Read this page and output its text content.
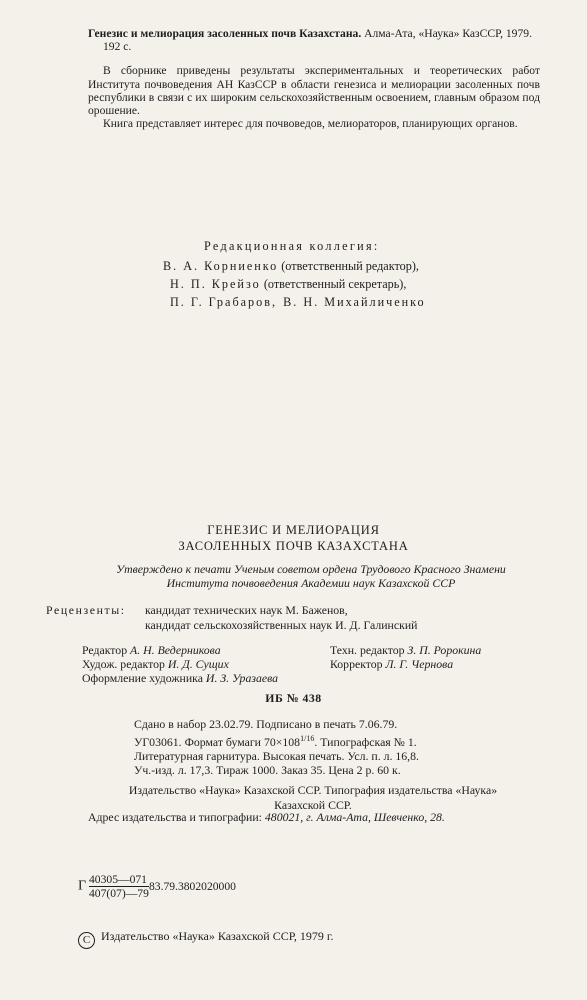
Генезис и мелиорация засоленных почв Казахстана. Алма-Ата, «Наука» КазССР, 1979.

192 с.

В сборнике приведены результаты экспериментальных и теоретических работ Института почвоведения АН КазССР в области генезиса и мелиорации засоленных почв республики в связи с их широким сельскохозяйственным освоением, главным образом под орошение.

Книга представляет интерес для почвоведов, мелиораторов, планирующих органов.

Редакционная коллегия:
В. А. Корниенко (ответственный редактор),
Н. П. Крейзо (ответственный секретарь),
П. Г. Грабаров, В. Н. Михайличенко
ГЕНЕЗИС И МЕЛИОРАЦИЯ
ЗАСОЛЕННЫХ ПОЧВ КАЗАХСТАНА
Утверждено к печати Ученым советом ордена Трудового Красного Знамени
Института почвоведения Академии наук Казахской ССР
Рецензенты: кандидат технических наук М. Баженов,
кандидат сельскохозяйственных наук И. Д. Галинский
Редактор А. Н. Ведерникова	Техн. редактор З. П. Ророкина
Худож. редактор И. Д. Сущих	Корректор Л. Г. Чернова
Оформление художника И. З. Уразаева
ИБ № 438
Сдано в набор 23.02.79. Подписано в печать 7.06.79.
УГ03061. Формат бумаги $70\times 108^{1/16}$. Типографская № 1.
Литературная гарнитура. Высокая печать. Усл. п. л. 16,8.
Уч.-изд. л. 17,3. Тираж 1000. Заказ 35. Цена 2 р. 60 к.
Издательство «Наука» Казахской ССР. Типография издательства «Наука»
Казахской ССР.
Адрес издательства и типографии: 480021, г. Алма-Ата, Шевченко, 28.
Г $\frac{40305—071}{407(07)—79} 83.79.3802020000$
C Издательство «Наука» Казахской ССР, 1979 г.
